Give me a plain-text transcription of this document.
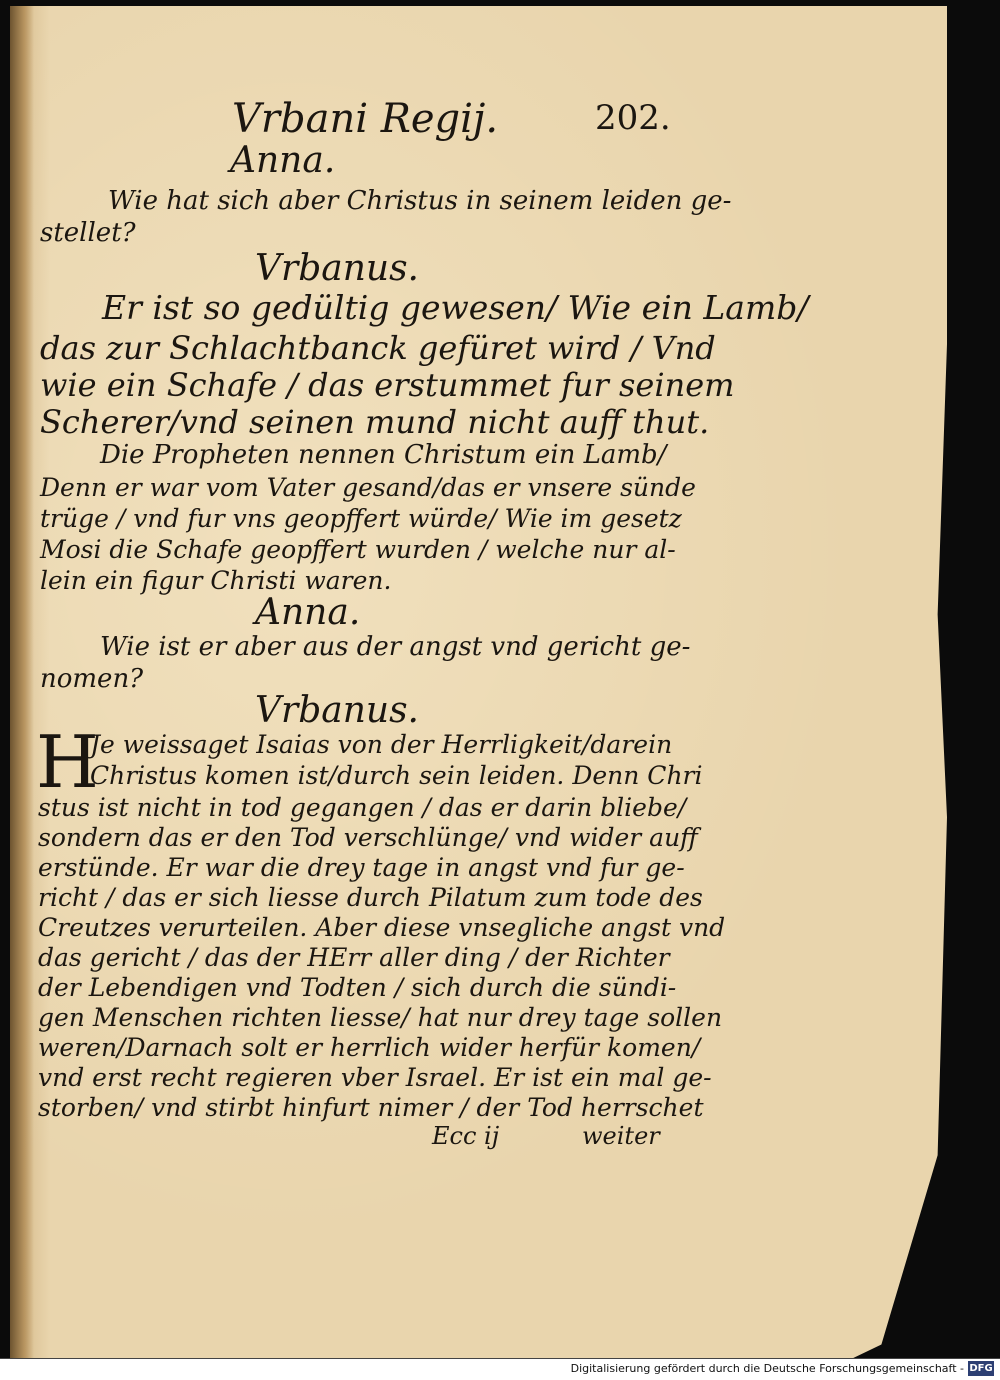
Vrbani Regij.	202.
Anna.
Wie hat sich aber Christus in seinem leiden ge-
stellet?
Vrbanus.
Er ist so gedültig gewesen/ Wie ein Lamb/
das zur Schlachtbanck gefüret wird / Vnd
wie ein Schafe / das erstummet fur seinem
Scherer/vnd seinen mund nicht auff thut.
Die Propheten nennen Christum ein Lamb/
Denn er war vom Vater gesand/das er vnsere sünde
trüge / vnd fur vns geopffert würde/ Wie im gesetz
Mosi die Schafe geopffert wurden / welche nur al-
lein ein figur Christi waren.
Anna.
Wie ist er aber aus der angst vnd gericht ge-
nomen?
Vrbanus.
H
Je weissaget Isaias von der Herrligkeit/darein
Christus komen ist/durch sein leiden. Denn Chri
stus ist nicht in tod gegangen / das er darin bliebe/
sondern das er den Tod verschlünge/ vnd wider auff
erstünde. Er war die drey tage in angst vnd fur ge-
richt / das er sich liesse durch Pilatum zum tode des
Creutzes verurteilen. Aber diese vnsegliche angst vnd
das gericht / das der HErr aller ding / der Richter
der Lebendigen vnd Todten / sich durch die sündi-
gen Menschen richten liesse/ hat nur drey tage sollen
weren/Darnach solt er herrlich wider herfür komen/
vnd erst recht regieren vber Israel. Er ist ein mal ge-
storben/ vnd stirbt hinfurt nimer / der Tod herrschet
Ecc ij	weiter
Digitalisierung gefördert durch die Deutsche Forschungsgemeinschaft - DFG
